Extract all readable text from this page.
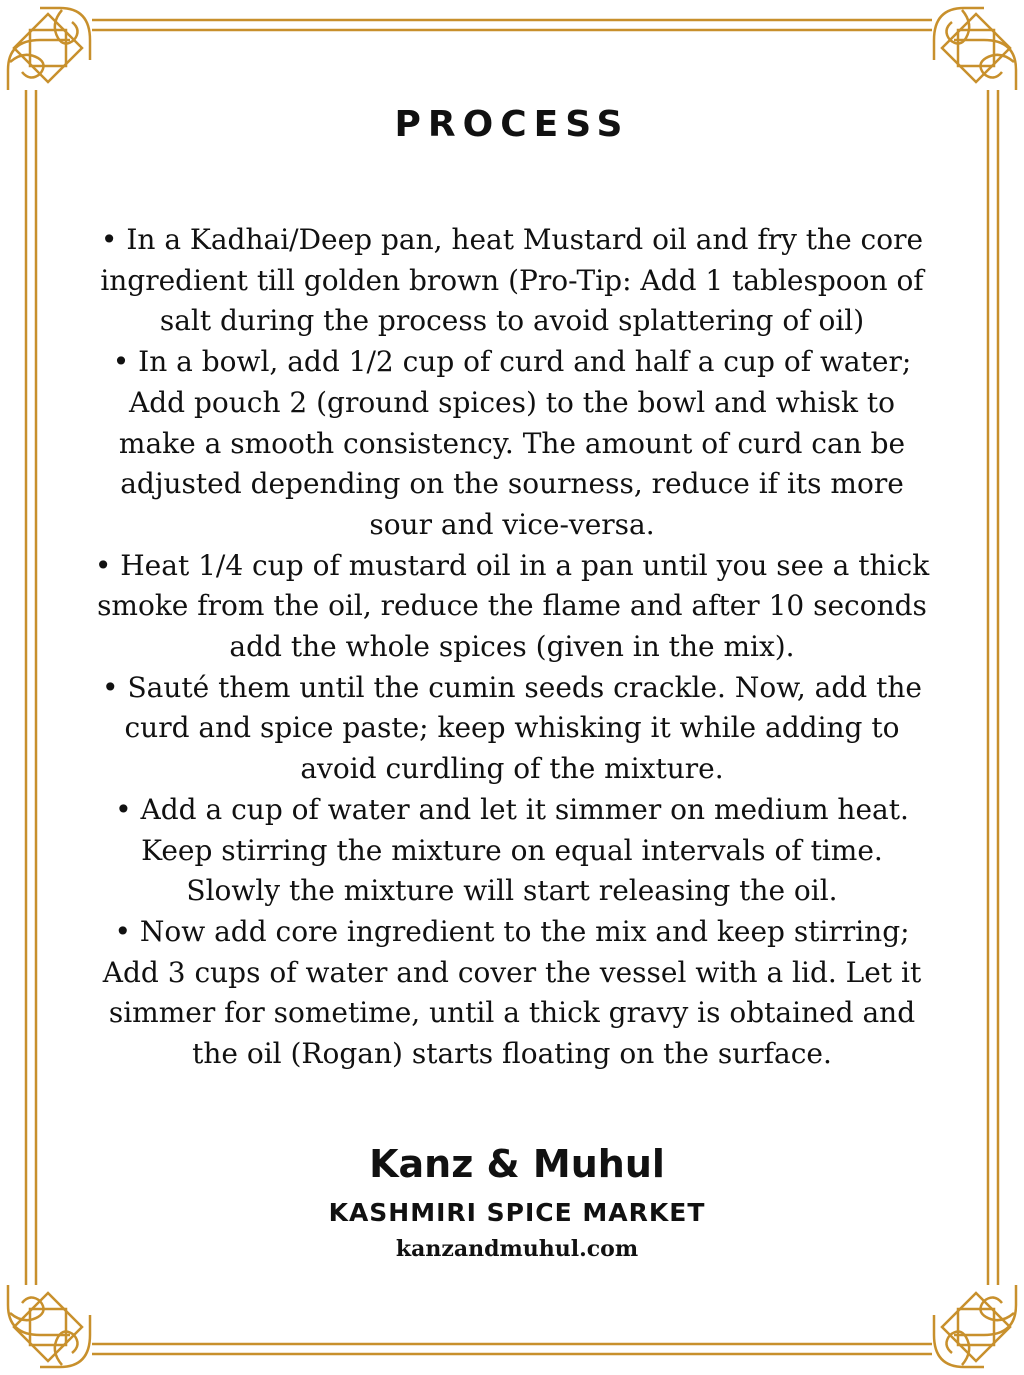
PROCESS
• In a Kadhai/Deep pan, heat Mustard oil and fry the core ingredient till golden brown (Pro-Tip: Add 1 tablespoon of salt during the process to avoid splattering of oil)
• In a bowl, add 1/2 cup of curd and half a cup of water; Add pouch 2 (ground spices) to the bowl and whisk to make a smooth consistency. The amount of curd can be adjusted depending on the sourness, reduce if its more sour and vice-versa.
• Heat 1/4 cup of mustard oil in a pan until you see a thick smoke from the oil, reduce the flame and after 10 seconds add the whole spices (given in the mix).
• Sauté them until the cumin seeds crackle. Now, add the curd and spice paste; keep whisking it while adding to avoid curdling of the mixture.
• Add a cup of water and let it simmer on medium heat. Keep stirring the mixture on equal intervals of time. Slowly the mixture will start releasing the oil.
• Now add core ingredient to the mix and keep stirring; Add 3 cups of water and cover the vessel with a lid. Let it simmer for sometime, until a thick gravy is obtained and the oil (Rogan) starts floating on the surface.
Kanz & Muhul
KASHMIRI SPICE MARKET
kanzandmuhul.com
